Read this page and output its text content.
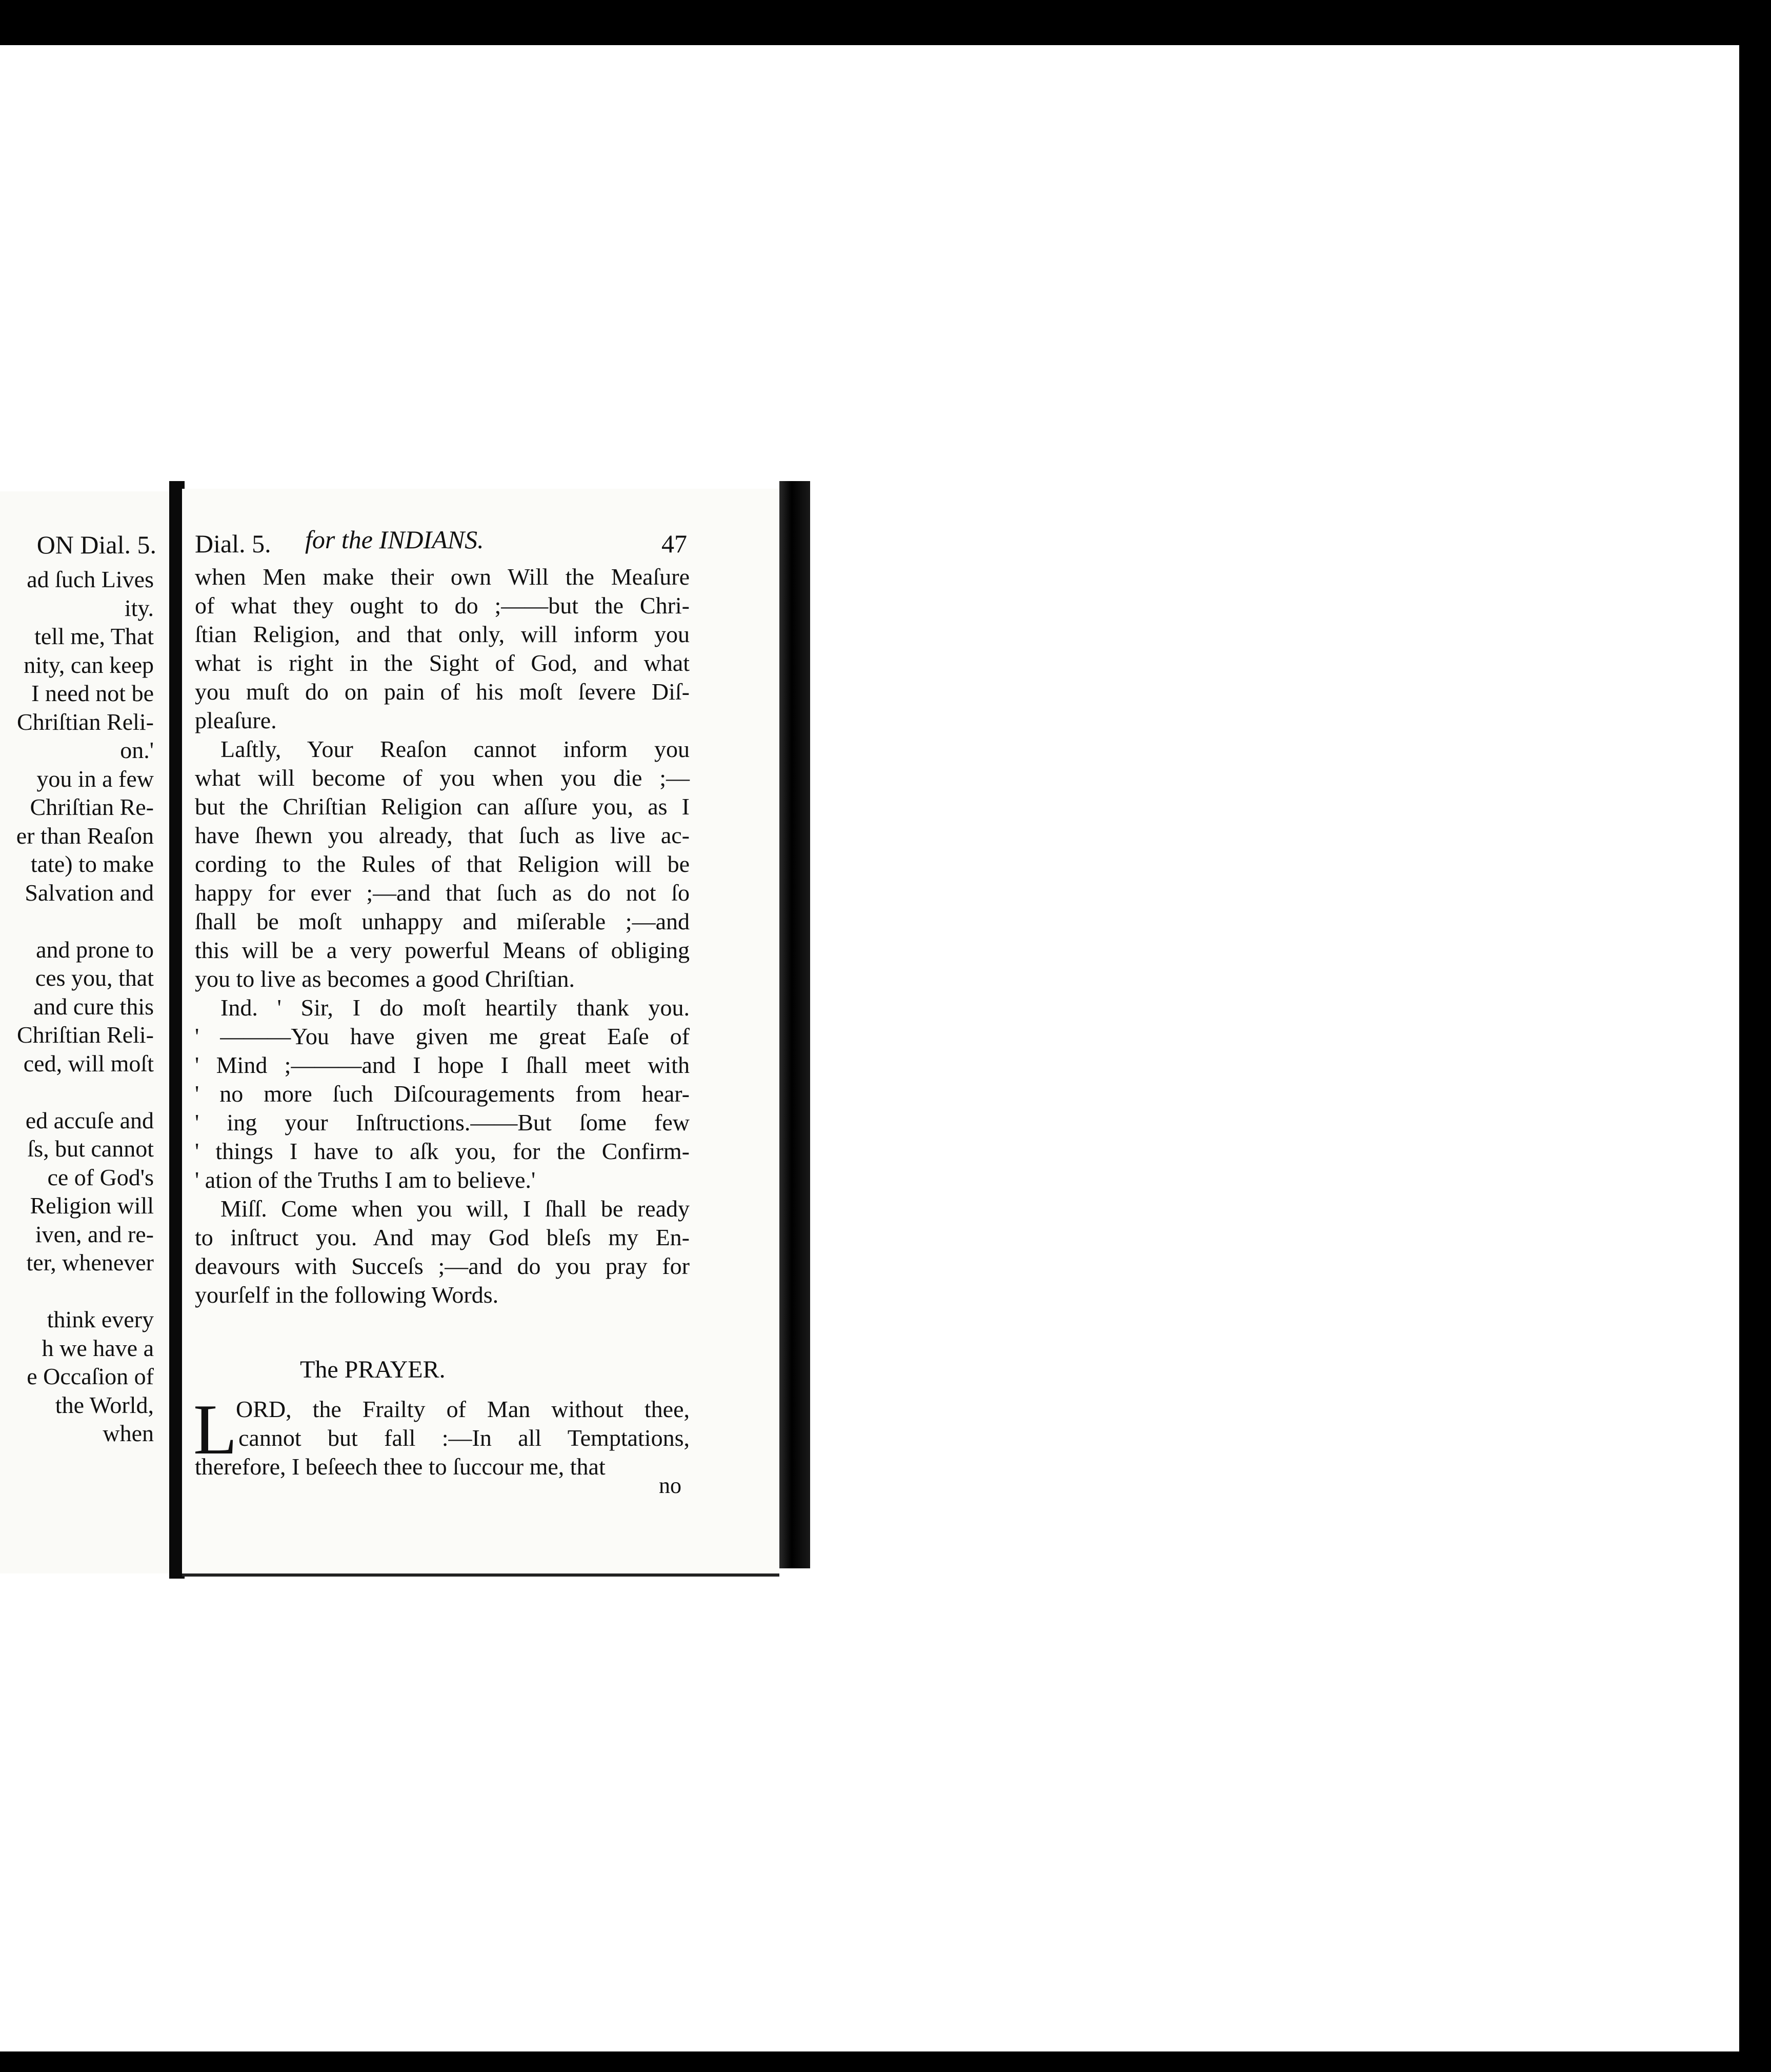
ON Dial. 5.
ad ſuch Lives
ity.
tell me, That
nity, can keep
I need not be
Chriſtian Reli-
on.'
you in a few
Chriſtian Re-
er than Reaſon
tate) to make
Salvation and
and prone to
ces you, that
and cure this
Chriſtian Reli-
ced, will moſt
ed accuſe and
ſs, but cannot
ce of God's
Religion will
iven, and re-
ter, whenever
think every
h we have a
e Occaſion of
the World,
when
Dial. 5. for the INDIANS.	47
when Men make their own Will the Meaſure
of what they ought to do ;——but the Chri-
ſtian Religion, and that only, will inform you
what is right in the Sight of God, and what
you muſt do on pain of his moſt ſevere Diſ-
pleaſure.
Laſtly, Your Reaſon cannot inform you
what will become of you when you die ;—
but the Chriſtian Religion can aſſure you, as I
have ſhewn you already, that ſuch as live ac-
cording to the Rules of that Religion will be
happy for ever ;—and that ſuch as do not ſo
ſhall be moſt unhappy and miſerable ;—and
this will be a very powerful Means of obliging
you to live as becomes a good Chriſtian.
Ind. ' Sir, I do moſt heartily thank you.
' ———You have given me great Eaſe of
' Mind ;———and I hope I ſhall meet with
' no more ſuch Diſcouragements from hear-
' ing your Inſtructions.——But ſome few
' things I have to aſk you, for the Confirm-
' ation of the Truths I am to believe.'
Miſſ. Come when you will, I ſhall be ready
to inſtruct you. And may God bleſs my En-
deavours with Succeſs ;—and do you pray for
yourſelf in the following Words.
The PRAYER.
L
ORD, the Frailty of Man without thee,
cannot but fall :—In all Temptations,
therefore, I beſeech thee to ſuccour me, that
no
